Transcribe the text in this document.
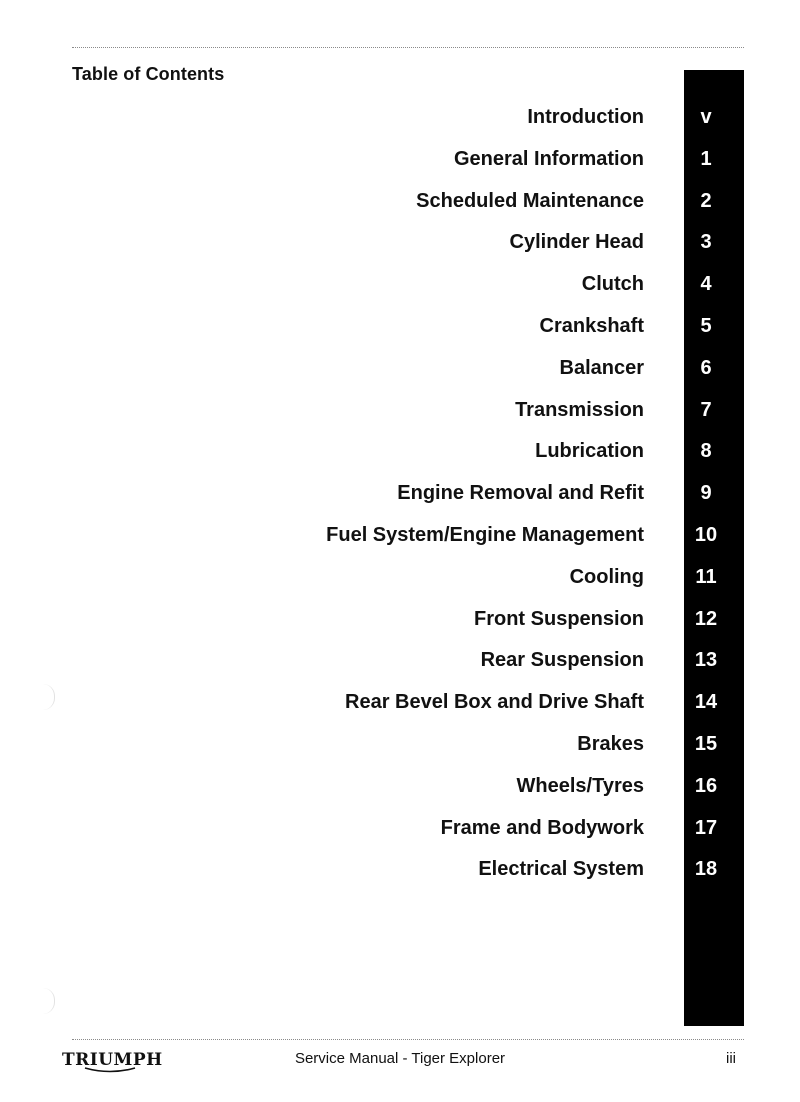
Table of Contents
Introduction	v
General Information	1
Scheduled Maintenance	2
Cylinder Head	3
Clutch	4
Crankshaft	5
Balancer	6
Transmission	7
Lubrication	8
Engine Removal and Refit	9
Fuel System/Engine Management	10
Cooling	11
Front Suspension	12
Rear Suspension	13
Rear Bevel Box and Drive Shaft	14
Brakes	15
Wheels/Tyres	16
Frame and Bodywork	17
Electrical System	18
TRIUMPH	Service Manual - Tiger Explorer	iii
